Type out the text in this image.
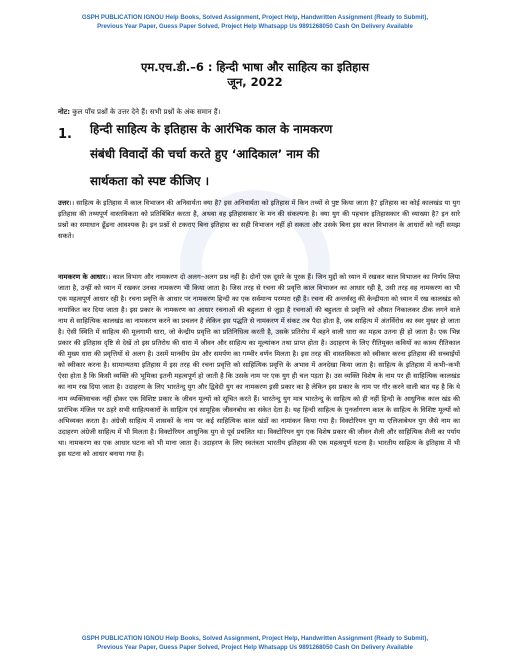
GSPH PUBLICATION IGNOU Help Books, Solved Assignment, Project Help, Handwritten Assignment (Ready to Submit),
Previous Year Paper, Guess Paper Solved, Project Help Whatsapp Us 9891268050 Cash On Delivery Available
एम.एच.डी.–6 : हिन्दी भाषा और साहित्य का इतिहास
जून, 2022
नोट: कुल पाँच प्रश्नों के उत्तर देने हैं। सभी प्रश्नों के अंक समान हैं।
1. हिन्दी साहित्य के इतिहास के आरंभिक काल के नामकरण
संबंधी विवादों की चर्चा करते हुए ‘आदिकाल’ नाम की
सार्थकता को स्पष्ट कीजिए ।
उत्तर।। साहित्य के इतिहास में काल विभाजन की अनिवार्यता क्या है? इस अनिवार्यता को इतिहास में किन तथ्यों से पुष्ट किया जाता है? इतिहास का कोई कालखंड या युग इतिहास की तथ्यपूर्ण वास्तविकता को प्रतिबिंबित करता है, अथवा वह इतिहासकार के मन की संकल्पना है। क्या युग की पहचान इतिहासकार की व्याख्या है? इन सारे प्रश्नों का समाधान ढूँढना आवश्यक है। इन प्रश्नों से टकराए बिना इतिहास का सही विभाजन नहीं हो सकता और उसके बिना इस काल विभाजन के आधारों को नहीं समझ सकते।
नामकरण के आधार।। काल विभाग और नामकरण दो अलग–अलग प्रश्न नहीं है। दोनों एक दूसरे के पूरक हैं। जिन मुद्दों को ध्यान में रखकर काल विभाजन का निर्णय लिया जाता है, उन्हीं को ध्यान में रखकर उनका नामकरण भी किया जाता है। जिस तरह से रचना की प्रवृत्ति काल विभाजन का आधार रही है, उसी तरह वह नामकरण का भी एक महत्वपूर्ण आधार रही है। रचना प्रवृत्ति के आधार पर नामकरण हिन्दी का एक सर्वमान्य परम्परा रही है। रचना की अन्तर्वस्तु की केन्द्रीयता को ध्यान में रख कालखंड को नामांकित कर दिया जाता है। इस प्रकार के नामकरण का आधार रचनाओं की बहुलता से जुड़ा है रचनाओं की बहुलता से प्रवृत्ति को औसत निकालकर ठीक लगने वाले नाम से साहित्यिक कालखंड का नामकरण करने का प्रचलन है लेकिन इस पद्धति से नामकरण में संकट तब पैदा होता है, जब साहित्य में अंतर्विरोध का स्वर मुखर हो जाता है। ऐसी स्थिति में साहित्य की मूलगामी धारा, जो केन्द्रीय प्रवृत्ति का प्रतिनिधित्व करती है, उसके प्रतिरोध में बहने वाली धारा का महत्व उतना ही हो जाता है। एक भिन्न प्रकार की इतिहास दृष्टि से देखें तो इस प्रतिरोध की धारा में जीवन और साहित्य का मूल्यांकन तथा प्राप्त होता है। उदाहरण के लिए रीतिमुक्त कवियों का काव्य रीतिकाल की मुख्य धारा की प्रवृत्तियों से अलग है। उसमें मानवीय प्रेम और समर्पण का गम्भीर वर्णन मिलता है। इस तरह की वास्तविकता को स्वीकार करना इतिहास की सच्चाईयों को स्वीकार करना है। सामान्यतया इतिहास में इस तरह की रचना प्रवृत्ति को साहित्यिक प्रवृत्ति के अभाव में अनदेखा किया जाता है। साहित्य के इतिहास में कभी–कभी ऐसा होता है कि किसी व्यक्ति की भूमिका इतनी महत्वपूर्ण हो जाती है कि उसके नाम पर एक युग ही चल पड़ता है। उस व्यक्ति विशेष के नाम पर ही साहित्यिक कालखंड का नाम रख दिया जाता है। उदाहरण के लिए भारतेन्दु युग और द्विवेदी युग का नामकरण इसी प्रकार का है लेकिन इस प्रकार के नाम पर गौर करने वाली बात यह है कि ये नाम व्यक्तिवाचक नहीं होकर एक विशिष्ट प्रकार के जीवन मूल्यों को सूचित करते हैं। भारतेन्दु युग मात्र भारतेन्दु के साहित्य को ही नहीं हिन्दी के आधुनिक काल खंड की प्रारंभिक मंजिल पर ठहरे सभी साहित्यकारों के साहित्य एवं सामूहिक जीवनबोध का संकेत देता है। यह हिन्दी साहित्य के पुनर्जागरण काल के साहित्य के विशिष्ट मूल्यों को अभिव्यक्त करता है। अंग्रेजी साहित्य में शासकों के नाम पर कई साहित्यिक काल खंडों का नामांकन किया गया है। विक्टोरियन युग या एलिजाबेथन युग जैसे नाम का उदाहरण अंग्रेजी साहित्य में भी मिलता है। विक्टोरियन आधुनिक युग से पूर्व प्रचलित था। विक्टोरियन युग एक विशेष प्रकार की जीवन शैली और साहित्यिक शैली का पर्याय था। नामकरण का एक आधार घटना को भी माना जाता है। उदाहरण के लिए स्वतंत्रता भारतीय इतिहास की एक महत्वपूर्ण घटना है। भारतीय साहित्य के इतिहास में भी इस घटना को आधार बनाया गया है।
GSPH PUBLICATION IGNOU Help Books, Solved Assignment, Project Help, Handwritten Assignment (Ready to Submit),
Previous Year Paper, Guess Paper Solved, Project Help Whatsapp Us 9891268050 Cash On Delivery Available
